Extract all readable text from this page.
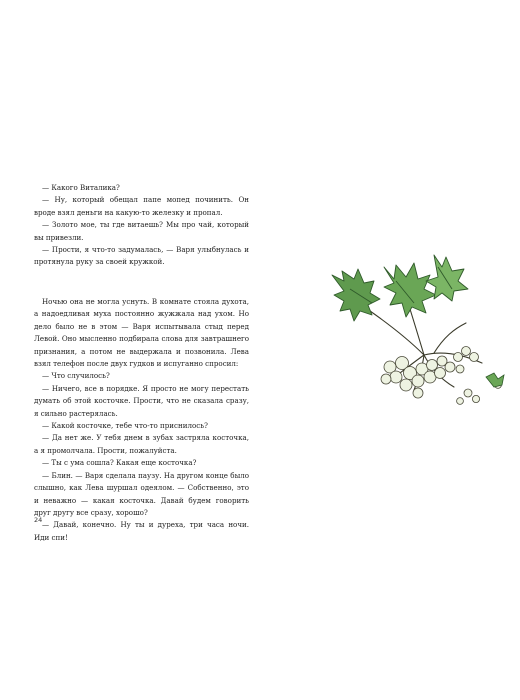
— Какого Виталика?

— Ну, который обещал папе мопед починить. Он вроде взял деньги на какую-то железку и пропал.

— Золото мое, ты где витаешь? Мы про чай, который вы привезли.

— Прости, я что-то задумалась, — Варя улыбнулась и протянула руку за своей кружкой.

Ночью она не могла уснуть. В комнате стояла духота, а надоедливая муха постоянно жужжала над ухом. Но дело было не в этом — Варя испытывала стыд перед Левой. Оно мысленно подбирала слова для завтрашнего признания, а потом не выдержала и позвонила. Лева взял телефон после двух гудков и испуганно спросил:

— Что случилось?

— Ничего, все в порядке. Я просто не могу перестать думать об этой косточке. Прости, что не сказала сразу, я сильно растерялась.

— Какой косточке, тебе что-то приснилось?

— Да нет же. У тебя днем в зубах застряла косточка, а я промолчала. Прости, пожалуйста.

— Ты с ума сошла? Какая еще косточка?

— Блин. — Варя сделала паузу. На другом конце было слышно, как Лева шуршал одеялом. — Собственно, это и неважно — какая косточка. Давай будем говорить друг другу все сразу, хорошо?

— Давай, конечно. Ну ты и дуреха, три часа ночи. Иди спи!

24
